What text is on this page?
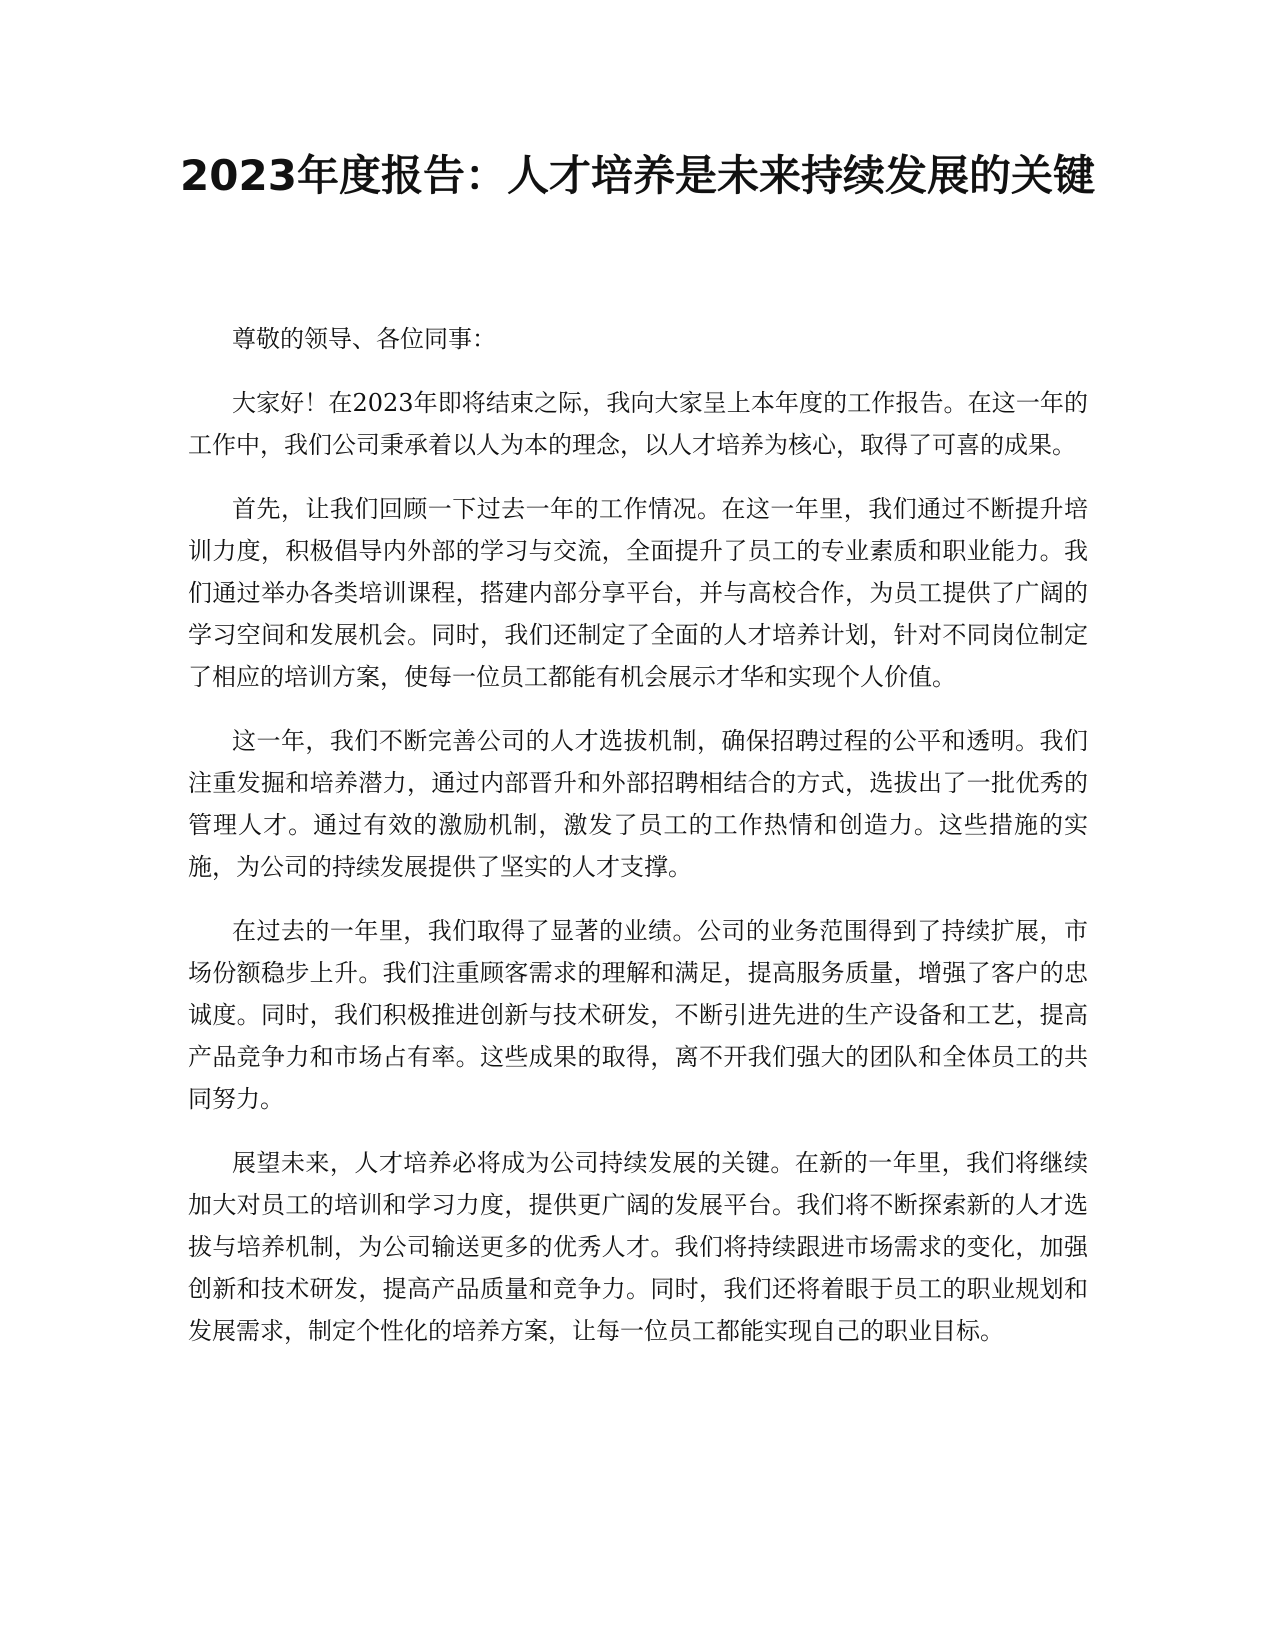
2023年度报告：人才培养是未来持续发展的关键

尊敬的领导、各位同事：

大家好！在2023年即将结束之际，我向大家呈上本年度的工作报告。在这一年的工作中，我们公司秉承着以人为本的理念，以人才培养为核心，取得了可喜的成果。

首先，让我们回顾一下过去一年的工作情况。在这一年里，我们通过不断提升培训力度，积极倡导内外部的学习与交流，全面提升了员工的专业素质和职业能力。我们通过举办各类培训课程，搭建内部分享平台，并与高校合作，为员工提供了广阔的学习空间和发展机会。同时，我们还制定了全面的人才培养计划，针对不同岗位制定了相应的培训方案，使每一位员工都能有机会展示才华和实现个人价值。

这一年，我们不断完善公司的人才选拔机制，确保招聘过程的公平和透明。我们注重发掘和培养潜力，通过内部晋升和外部招聘相结合的方式，选拔出了一批优秀的管理人才。通过有效的激励机制，激发了员工的工作热情和创造力。这些措施的实施，为公司的持续发展提供了坚实的人才支撑。

在过去的一年里，我们取得了显著的业绩。公司的业务范围得到了持续扩展，市场份额稳步上升。我们注重顾客需求的理解和满足，提高服务质量，增强了客户的忠诚度。同时，我们积极推进创新与技术研发，不断引进先进的生产设备和工艺，提高产品竞争力和市场占有率。这些成果的取得，离不开我们强大的团队和全体员工的共同努力。

展望未来，人才培养必将成为公司持续发展的关键。在新的一年里，我们将继续加大对员工的培训和学习力度，提供更广阔的发展平台。我们将不断探索新的人才选拔与培养机制，为公司输送更多的优秀人才。我们将持续跟进市场需求的变化，加强创新和技术研发，提高产品质量和竞争力。同时，我们还将着眼于员工的职业规划和发展需求，制定个性化的培养方案，让每一位员工都能实现自己的职业目标。
